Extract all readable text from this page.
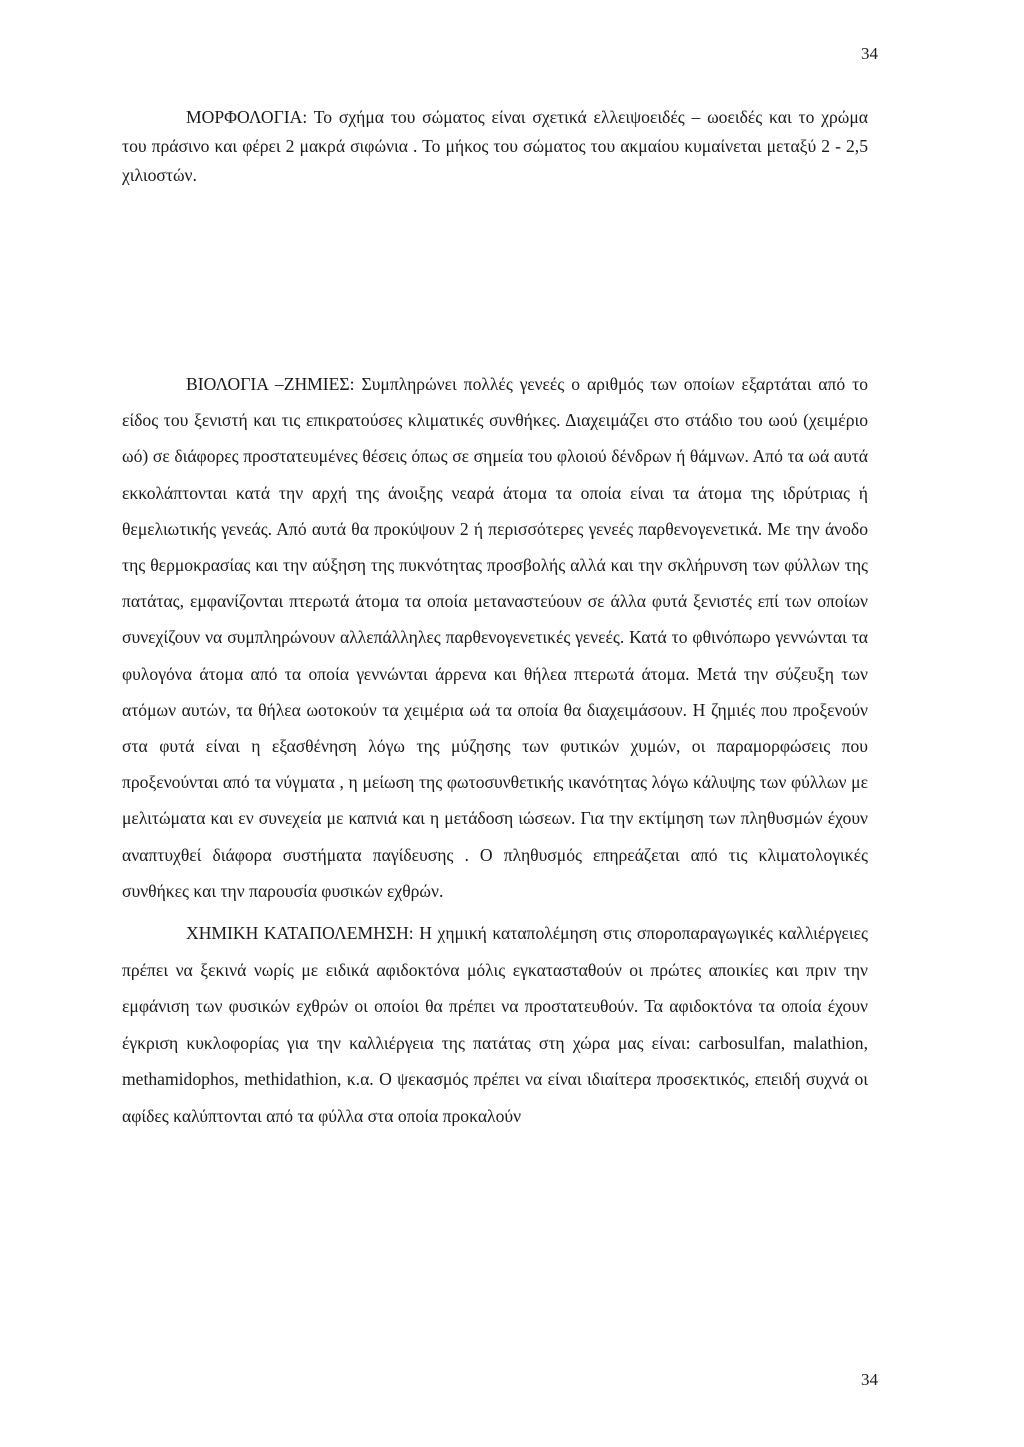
34

ΜΟΡΦΟΛΟΓΙΑ: Το σχήμα του σώματος είναι σχετικά ελλειψοειδές – ωοειδές και το χρώμα του πράσινο και φέρει 2 μακρά σιφώνια . Το μήκος του σώματος του ακμαίου κυμαίνεται μεταξύ 2 - 2,5 χιλιοστών.

ΒΙΟΛΟΓΙΑ –ΖΗΜΙΕΣ: Συμπληρώνει πολλές γενεές ο αριθμός των οποίων εξαρτάται από το είδος του ξενιστή και τις επικρατούσες κλιματικές συνθήκες. Διαχειμάζει στο στάδιο του ωού (χειμέριο ωό) σε διάφορες προστατευμένες θέσεις όπως σε σημεία του φλοιού δένδρων ή θάμνων. Από τα ωά αυτά εκκολάπτονται κατά την αρχή της άνοιξης νεαρά άτομα τα οποία είναι τα άτομα της ιδρύτριας ή θεμελιωτικής γενεάς. Από αυτά θα προκύψουν 2 ή περισσότερες γενεές παρθενογενετικά. Με την άνοδο της θερμοκρασίας και την αύξηση της πυκνότητας προσβολής αλλά και την σκλήρυνση των φύλλων της πατάτας, εμφανίζονται πτερωτά άτομα τα οποία μεταναστεύουν σε άλλα φυτά ξενιστές επί των οποίων συνεχίζουν να συμπληρώνουν αλλεπάλληλες παρθενογενετικές γενεές. Κατά το φθινόπωρο γεννώνται τα φυλογόνα άτομα από τα οποία γεννώνται άρρενα και θήλεα πτερωτά άτομα. Μετά την σύζευξη των ατόμων αυτών, τα θήλεα ωοτοκούν τα χειμέρια ωά τα οποία θα διαχειμάσουν. Η ζημιές που προξενούν στα φυτά είναι η εξασθένηση λόγω της μύζησης των φυτικών χυμών, οι παραμορφώσεις που προξενούνται από τα νύγματα , η μείωση της φωτοσυνθετικής ικανότητας λόγω κάλυψης των φύλλων με μελιτώματα και εν συνεχεία με καπνιά και η μετάδοση ιώσεων. Για την εκτίμηση των πληθυσμών έχουν αναπτυχθεί διάφορα συστήματα παγίδευσης . Ο πληθυσμός επηρεάζεται από τις κλιματολογικές συνθήκες και την παρουσία φυσικών εχθρών.

ΧΗΜΙΚΗ ΚΑΤΑΠΟΛΕΜΗΣΗ: Η χημική καταπολέμηση στις σποροπαραγωγικές καλλιέργειες πρέπει να ξεκινά νωρίς με ειδικά αφιδοκτόνα μόλις εγκατασταθούν οι πρώτες αποικίες και πριν την εμφάνιση των φυσικών εχθρών οι οποίοι θα πρέπει να προστατευθούν. Τα αφιδοκτόνα τα οποία έχουν έγκριση κυκλοφορίας για την καλλιέργεια της πατάτας στη χώρα μας είναι: carbosulfan, malathion, methamidophos, methidathion, κ.α. Ο ψεκασμός πρέπει να είναι ιδιαίτερα προσεκτικός, επειδή συχνά οι αφίδες καλύπτονται από τα φύλλα στα οποία προκαλούν

34
